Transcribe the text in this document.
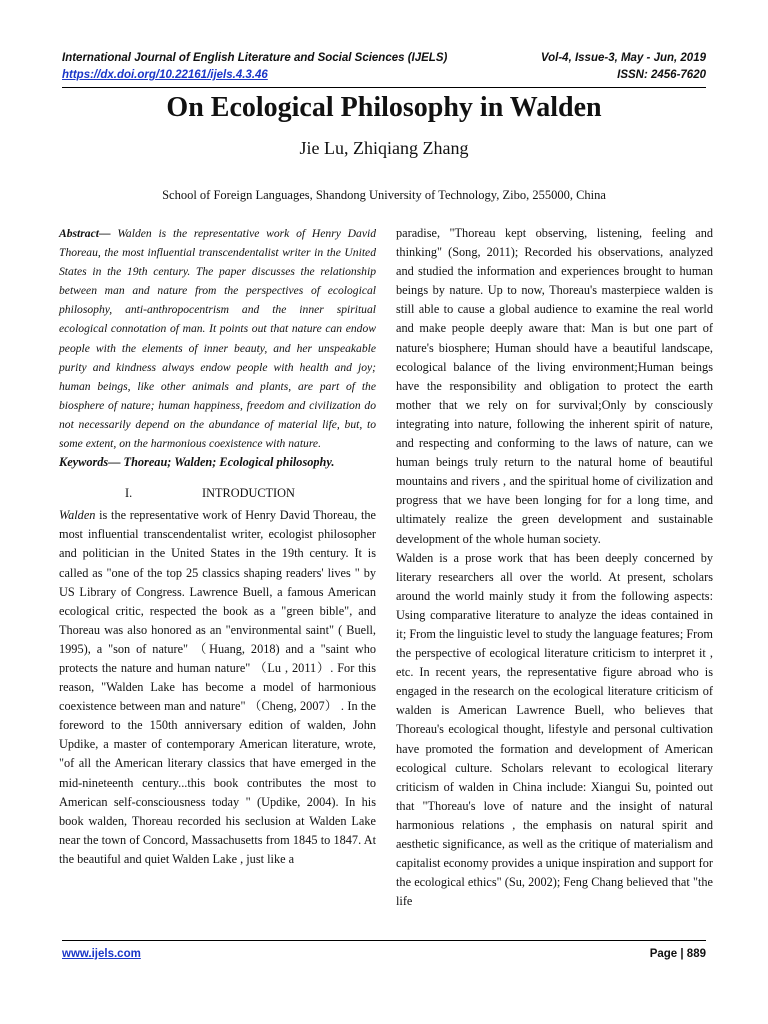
International Journal of English Literature and Social Sciences (IJELS)	Vol-4, Issue-3, May - Jun, 2019
https://dx.doi.org/10.22161/ijels.4.3.46	ISSN: 2456-7620
On Ecological Philosophy in Walden
Jie Lu, Zhiqiang Zhang
School of Foreign Languages, Shandong University of Technology, Zibo, 255000, China

Abstract— Walden is the representative work of Henry David Thoreau, the most influential transcendentalist writer in the United States in the 19th century. The paper discusses the relationship between man and nature from the perspectives of ecological philosophy, anti-anthropocentrism and the inner spiritual ecological connotation of man. It points out that nature can endow people with the elements of inner beauty, and her unspeakable purity and kindness always endow people with health and joy; human beings, like other animals and plants, are part of the biosphere of nature; human happiness, freedom and civilization do not necessarily depend on the abundance of material life, but, to some extent, on the harmonious coexistence with nature.

Keywords— Thoreau; Walden; Ecological philosophy.

I.	INTRODUCTION

Walden is the representative work of Henry David Thoreau, the most influential transcendentalist writer, ecologist philosopher and politician in the United States in the 19th century. It is called as "one of the top 25 classics shaping readers' lives " by US Library of Congress. Lawrence Buell, a famous American ecological critic, respected the book as a "green bible", and Thoreau was also honored as an "environmental saint" ( Buell, 1995), a "son of nature" （Huang, 2018) and a "saint who protects the nature and human nature" （Lu , 2011）. For this reason, "Walden Lake has become a model of harmonious coexistence between man and nature" （Cheng, 2007） . In the foreword to the 150th anniversary edition of walden, John Updike, a master of contemporary American literature, wrote, "of all the American literary classics that have emerged in the mid-nineteenth century...this book contributes the most to American self-consciousness today " (Updike, 2004). In his book walden, Thoreau recorded his seclusion at Walden Lake near the town of Concord, Massachusetts from 1845 to 1847. At the beautiful and quiet Walden Lake , just like a

paradise, "Thoreau kept observing, listening, feeling and thinking" (Song, 2011); Recorded his observations, analyzed and studied the information and experiences brought to human beings by nature. Up to now, Thoreau's masterpiece walden is still able to cause a global audience to examine the real world and make people deeply aware that: Man is but one part of nature's biosphere; Human should have a beautiful landscape, ecological balance of the living environment;Human beings have the responsibility and obligation to protect the earth mother that we rely on for survival;Only by consciously integrating into nature, following the inherent spirit of nature, and respecting and conforming to the laws of nature, can we human beings truly return to the natural home of beautiful mountains and rivers , and the spiritual home of civilization and progress that we have been longing for for a long time, and ultimately realize the green development and sustainable development of the whole human society.

Walden is a prose work that has been deeply concerned by literary researchers all over the world. At present, scholars around the world mainly study it from the following aspects: Using comparative literature to analyze the ideas contained in it; From the linguistic level to study the language features; From the perspective of ecological literature criticism to interpret it , etc. In recent years, the representative figure abroad who is engaged in the research on the ecological literature criticism of walden is American Lawrence Buell, who believes that Thoreau's ecological thought, lifestyle and personal cultivation have promoted the formation and development of American ecological culture. Scholars relevant to ecological literary criticism of walden in China include: Xiangui Su, pointed out that "Thoreau's love of nature and the insight of natural harmonious relations , the emphasis on natural spirit and aesthetic significance, as well as the critique of materialism and capitalist economy provides a unique inspiration and support for the ecological ethics" (Su, 2002); Feng Chang believed that "the life

www.ijels.com	Page | 889
